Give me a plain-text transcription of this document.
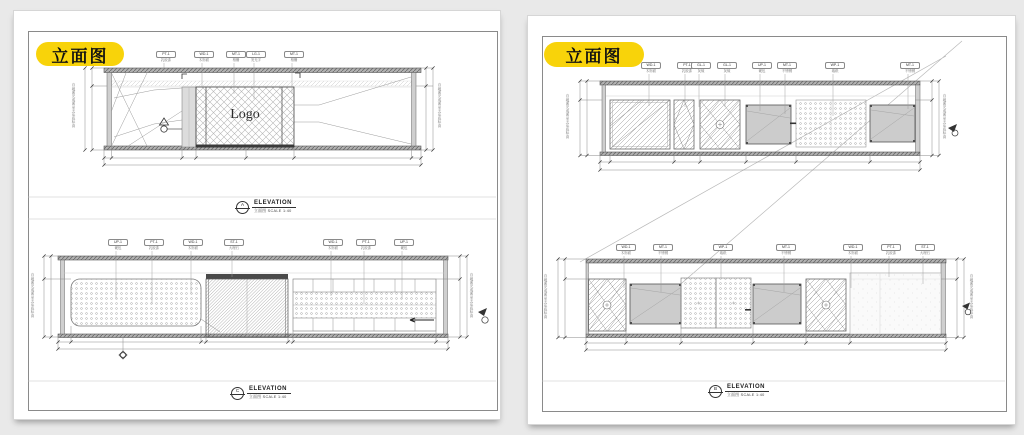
立面图
Logo
A	ELEVATION
立面图 SCALE 1:40
C	ELEVATION
立面图 SCALE 1:40
自地面完成面至天花底标高	自地面完成面至天花底标高
自地面完成面至天花底标高	自地面完成面至天花底标高
PT-1
乳胶漆
WD-1
木饰面
MT-1
格栅
LG-1
发光字
MT-1
格栅
UP-1
硬包
PT-1
乳胶漆
WD-1
木饰面
ST-1
大理石
WD-1
木饰面
PT-1
乳胶漆
UP-1
硬包
立面图
B	ELEVATION
立面图 SCALE 1:40
自地面完成面至天花底标高	自地面完成面至天花底标高
自地面完成面至天花底标高	自地面完成面至天花底标高
WD-1
木饰面
PT-1
乳胶漆
GL-1
灰镜
GL-1
灰镜
UP-1
硬包
MT-1
不锈钢
WP-1
墙纸
MT-1
不锈钢
WD-1
木饰面
MT-1
不锈钢
WP-1
墙纸
MT-1
不锈钢
WD-1
木饰面
PT-1
乳胶漆
ST-1
大理石
